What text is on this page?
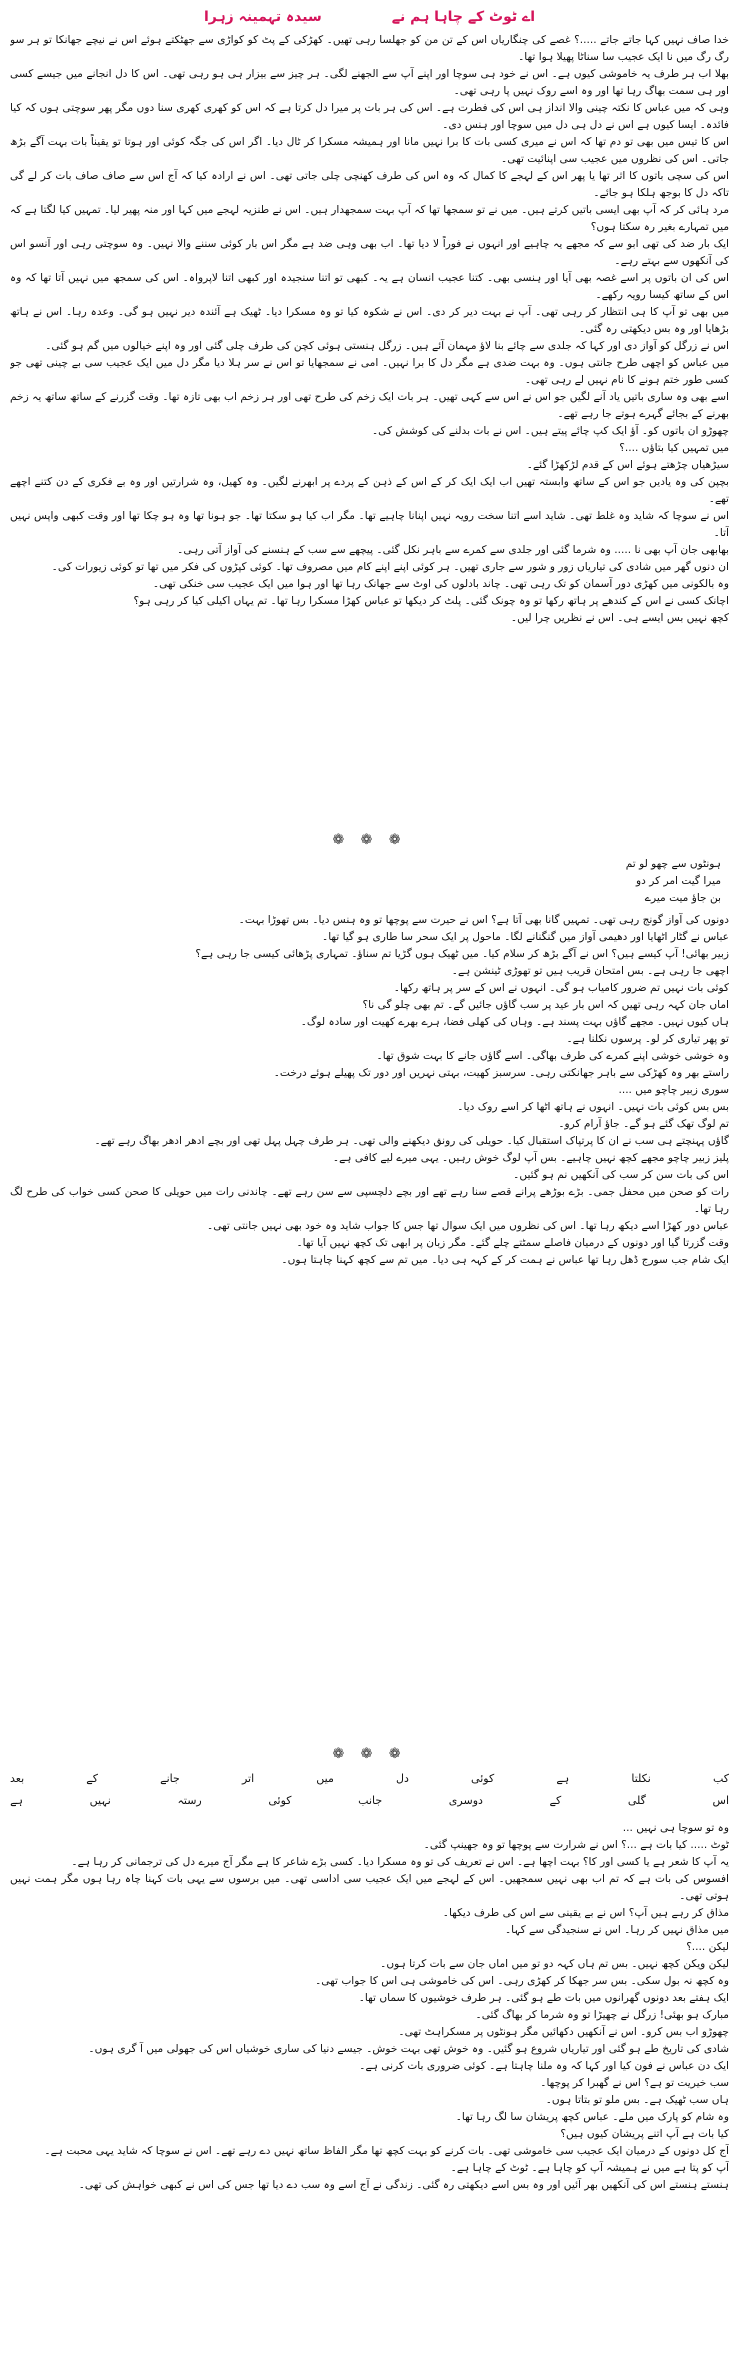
اے ٹوٹ کے چاہا ہم نے
سیدہ تہمینہ زہرا

خدا صاف نہیں کہا جاتے جاتے .....؟ غصے کی چنگاریاں اس کے تن من کو جھلسا رہی تھیں۔ کھڑکی کے پٹ کو کواڑی سے جھٹکتے ہوئے اس نے نیچے جھانکا تو ہر سو رگ رگ میں نا ایک عجیب سا سناٹا پھیلا ہوا تھا۔

بھلا اب ہر طرف یہ خاموشی کیوں ہے۔ اس نے خود ہی سوچا اور اپنے آپ سے الجھنے لگی۔ ہر چیز سے بیزار ہی ہو رہی تھی۔ اس کا دل انجانے میں جیسے کسی اور ہی سمت بھاگ رہا تھا اور وہ اسے روک نہیں پا رہی تھی۔

وہی کہ میں عباس کا نکتہ چینی والا انداز ہی اس کی فطرت ہے۔ اس کی ہر بات پر میرا دل کرتا ہے کہ اس کو کھری کھری سنا دوں مگر پھر سوچتی ہوں کہ کیا فائدہ۔ ایسا کیوں ہے اس نے دل ہی دل میں سوچا اور ہنس دی۔

اس کا تیس میں بھی تو دم تھا کہ اس نے میری کسی بات کا برا نہیں مانا اور ہمیشہ مسکرا کر ٹال دیا۔ اگر اس کی جگہ کوئی اور ہوتا تو یقیناً بات بہت آگے بڑھ جاتی۔ اس کی نظروں میں عجیب سی اپنائیت تھی۔

اس کی سچی باتوں کا اثر تھا یا پھر اس کے لہجے کا کمال کہ وہ اس کی طرف کھنچی چلی جاتی تھی۔ اس نے ارادہ کیا کہ آج اس سے صاف صاف بات کر لے گی تاکہ دل کا بوجھ ہلکا ہو جائے۔

مرد ہائی کر کہ آپ بھی ایسی باتیں کرتے ہیں۔ میں نے تو سمجھا تھا کہ آپ بہت سمجھدار ہیں۔ اس نے طنزیہ لہجے میں کہا اور منہ پھیر لیا۔ تمہیں کیا لگتا ہے کہ میں تمہارے بغیر رہ سکتا ہوں؟

ایک بار ضد کی تھی ابو سے کہ مجھے یہ چاہیے اور انہوں نے فوراً لا دیا تھا۔ اب بھی وہی ضد ہے مگر اس بار کوئی سننے والا نہیں۔ وہ سوچتی رہی اور آنسو اس کی آنکھوں سے بہتے رہے۔

اس کی ان باتوں پر اسے غصہ بھی آیا اور ہنسی بھی۔ کتنا عجیب انسان ہے یہ۔ کبھی تو اتنا سنجیدہ اور کبھی اتنا لاپرواہ۔ اس کی سمجھ میں نہیں آتا تھا کہ وہ اس کے ساتھ کیسا رویہ رکھے۔

میں بھی تو آپ کا ہی انتظار کر رہی تھی۔ آپ نے بہت دیر کر دی۔ اس نے شکوہ کیا تو وہ مسکرا دیا۔ ٹھیک ہے آئندہ دیر نہیں ہو گی۔ وعدہ رہا۔ اس نے ہاتھ بڑھایا اور وہ بس دیکھتی رہ گئی۔

اس نے زرگل کو آواز دی اور کہا کہ جلدی سے چائے بنا لاؤ مہمان آئے ہیں۔ زرگل ہنستی ہوئی کچن کی طرف چلی گئی اور وہ اپنے خیالوں میں گم ہو گئی۔

میں عباس کو اچھی طرح جانتی ہوں۔ وہ بہت ضدی ہے مگر دل کا برا نہیں۔ امی نے سمجھایا تو اس نے سر ہلا دیا مگر دل میں ایک عجیب سی بے چینی تھی جو کسی طور ختم ہونے کا نام نہیں لے رہی تھی۔

اسے بھی وہ ساری باتیں یاد آنے لگیں جو اس نے اس سے کہی تھیں۔ ہر بات ایک زخم کی طرح تھی اور ہر زخم اب بھی تازہ تھا۔ وقت گزرنے کے ساتھ ساتھ یہ زخم بھرنے کے بجائے گہرے ہوتے جا رہے تھے۔

چھوڑو ان باتوں کو۔ آؤ ایک کپ چائے پیتے ہیں۔ اس نے بات بدلنے کی کوشش کی۔

میں تمہیں کیا بتاؤں ....؟

سیڑھیاں چڑھتے ہوئے اس کے قدم لڑکھڑا گئے۔

بچپن کی وہ یادیں جو اس کے ساتھ وابستہ تھیں اب ایک ایک کر کے اس کے ذہن کے پردے پر ابھرنے لگیں۔ وہ کھیل، وہ شرارتیں اور وہ بے فکری کے دن کتنے اچھے تھے۔

اس نے سوچا کہ شاید وہ غلط تھی۔ شاید اسے اتنا سخت رویہ نہیں اپنانا چاہیے تھا۔ مگر اب کیا ہو سکتا تھا۔ جو ہونا تھا وہ ہو چکا تھا اور وقت کبھی واپس نہیں آتا۔

بھابھی جان آپ بھی نا ..... وہ شرما گئی اور جلدی سے کمرے سے باہر نکل گئی۔ پیچھے سے سب کے ہنسنے کی آواز آتی رہی۔

ان دنوں گھر میں شادی کی تیاریاں زور و شور سے جاری تھیں۔ ہر کوئی اپنے اپنے کام میں مصروف تھا۔ کوئی کپڑوں کی فکر میں تھا تو کوئی زیورات کی۔

وہ بالکونی میں کھڑی دور آسمان کو تک رہی تھی۔ چاند بادلوں کی اوٹ سے جھانک رہا تھا اور ہوا میں ایک عجیب سی خنکی تھی۔

اچانک کسی نے اس کے کندھے پر ہاتھ رکھا تو وہ چونک گئی۔ پلٹ کر دیکھا تو عباس کھڑا مسکرا رہا تھا۔ تم یہاں اکیلی کیا کر رہی ہو؟

کچھ نہیں بس ایسے ہی۔ اس نے نظریں چرا لیں۔

❁ ❁ ❁
ہونٹوں سے چھو لو تم
میرا گیت امر کر دو
بن جاؤ میت میرے

دونوں کی آواز گونج رہی تھی۔ تمہیں گانا بھی آتا ہے؟ اس نے حیرت سے پوچھا تو وہ ہنس دیا۔ بس تھوڑا بہت۔

عباس نے گٹار اٹھایا اور دھیمی آواز میں گنگنانے لگا۔ ماحول پر ایک سحر سا طاری ہو گیا تھا۔

زبیر بھائی! آپ کیسے ہیں؟ اس نے آگے بڑھ کر سلام کیا۔ میں ٹھیک ہوں گڑیا تم سناؤ۔ تمہاری پڑھائی کیسی جا رہی ہے؟

اچھی جا رہی ہے۔ بس امتحان قریب ہیں تو تھوڑی ٹینشن ہے۔

کوئی بات نہیں تم ضرور کامیاب ہو گی۔ انہوں نے اس کے سر پر ہاتھ رکھا۔

اماں جان کہہ رہی تھیں کہ اس بار عید پر سب گاؤں جائیں گے۔ تم بھی چلو گی نا؟

ہاں کیوں نہیں۔ مجھے گاؤں بہت پسند ہے۔ وہاں کی کھلی فضا، ہرے بھرے کھیت اور سادہ لوگ۔

تو پھر تیاری کر لو۔ پرسوں نکلنا ہے۔

وہ خوشی خوشی اپنے کمرے کی طرف بھاگی۔ اسے گاؤں جانے کا بہت شوق تھا۔

راستے بھر وہ کھڑکی سے باہر جھانکتی رہی۔ سرسبز کھیت، بہتی نہریں اور دور تک پھیلے ہوئے درخت۔

سوری زبیر چاچو میں ....

بس بس کوئی بات نہیں۔ انہوں نے ہاتھ اٹھا کر اسے روک دیا۔

تم لوگ تھک گئے ہو گے۔ جاؤ آرام کرو۔

گاؤں پہنچتے ہی سب نے ان کا پرتپاک استقبال کیا۔ حویلی کی رونق دیکھنے والی تھی۔ ہر طرف چہل پہل تھی اور بچے ادھر ادھر بھاگ رہے تھے۔

پلیز زبیر چاچو مجھے کچھ نہیں چاہیے۔ بس آپ لوگ خوش رہیں۔ یہی میرے لیے کافی ہے۔

اس کی بات سن کر سب کی آنکھیں نم ہو گئیں۔

رات کو صحن میں محفل جمی۔ بڑے بوڑھے پرانے قصے سنا رہے تھے اور بچے دلچسپی سے سن رہے تھے۔ چاندنی رات میں حویلی کا صحن کسی خواب کی طرح لگ رہا تھا۔

عباس دور کھڑا اسے دیکھ رہا تھا۔ اس کی نظروں میں ایک سوال تھا جس کا جواب شاید وہ خود بھی نہیں جانتی تھی۔

وقت گزرتا گیا اور دونوں کے درمیان فاصلے سمٹتے چلے گئے۔ مگر زبان پر ابھی تک کچھ نہیں آیا تھا۔

ایک شام جب سورج ڈھل رہا تھا عباس نے ہمت کر کے کہہ ہی دیا۔ میں تم سے کچھ کہنا چاہتا ہوں۔

❁ ❁ ❁
کب
نکلتا
ہے
کوئی
دل
میں
اتر
جانے
کے
بعد
اس
گلی
کے
دوسری
جانب
کوئی
رستہ
نہیں
ہے

وہ تو سوچا ہی نہیں ...

ٹوٹ ..... کیا بات ہے ...؟ اس نے شرارت سے پوچھا تو وہ جھینپ گئی۔

یہ آپ کا شعر ہے یا کسی اور کا؟ بہت اچھا ہے۔ اس نے تعریف کی تو وہ مسکرا دیا۔ کسی بڑے شاعر کا ہے مگر آج میرے دل کی ترجمانی کر رہا ہے۔

افسوس کی بات ہے کہ تم اب بھی نہیں سمجھیں۔ اس کے لہجے میں ایک عجیب سی اداسی تھی۔ میں برسوں سے یہی بات کہنا چاہ رہا ہوں مگر ہمت نہیں ہوتی تھی۔

مذاق کر رہے ہیں آپ؟ اس نے بے یقینی سے اس کی طرف دیکھا۔

میں مذاق نہیں کر رہا۔ اس نے سنجیدگی سے کہا۔

لیکن ....؟

لیکن ویکن کچھ نہیں۔ بس تم ہاں کہہ دو تو میں اماں جان سے بات کرتا ہوں۔

وہ کچھ نہ بول سکی۔ بس سر جھکا کر کھڑی رہی۔ اس کی خاموشی ہی اس کا جواب تھی۔

ایک ہفتے بعد دونوں گھرانوں میں بات طے ہو گئی۔ ہر طرف خوشیوں کا سماں تھا۔

مبارک ہو بھئی! زرگل نے چھیڑا تو وہ شرما کر بھاگ گئی۔

چھوڑو اب بس کرو۔ اس نے آنکھیں دکھائیں مگر ہونٹوں پر مسکراہٹ تھی۔

شادی کی تاریخ طے ہو گئی اور تیاریاں شروع ہو گئیں۔ وہ خوش تھی بہت خوش۔ جیسے دنیا کی ساری خوشیاں اس کی جھولی میں آ گری ہوں۔

ایک دن عباس نے فون کیا اور کہا کہ وہ ملنا چاہتا ہے۔ کوئی ضروری بات کرنی ہے۔

سب خیریت تو ہے؟ اس نے گھبرا کر پوچھا۔

ہاں سب ٹھیک ہے۔ بس ملو تو بتاتا ہوں۔

وہ شام کو پارک میں ملے۔ عباس کچھ پریشان سا لگ رہا تھا۔

کیا بات ہے آپ اتنے پریشان کیوں ہیں؟

آج کل دونوں کے درمیان ایک عجیب سی خاموشی تھی۔ بات کرنے کو بہت کچھ تھا مگر الفاظ ساتھ نہیں دے رہے تھے۔ اس نے سوچا کہ شاید یہی محبت ہے۔

آپ کو پتا ہے میں نے ہمیشہ آپ کو چاہا ہے۔ ٹوٹ کے چاہا ہے۔

ہنستے ہنستے اس کی آنکھیں بھر آئیں اور وہ بس اسے دیکھتی رہ گئی۔ زندگی نے آج اسے وہ سب دے دیا تھا جس کی اس نے کبھی خواہش کی تھی۔
